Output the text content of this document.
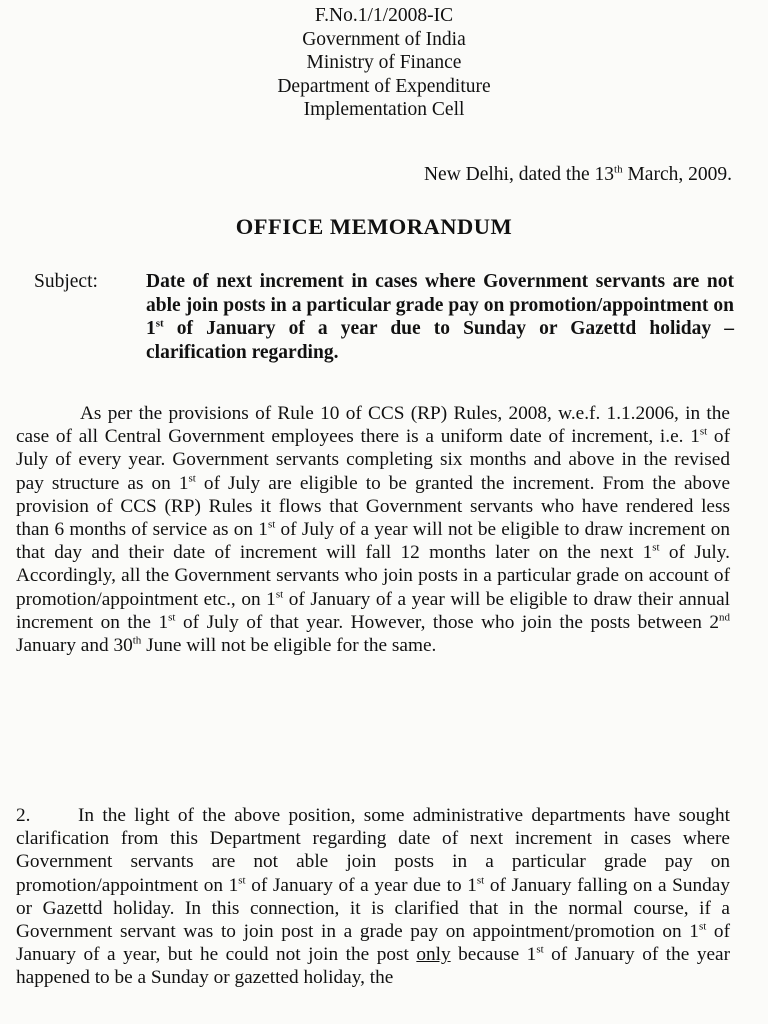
F.No.1/1/2008-IC
Government of India
Ministry of Finance
Department of Expenditure
Implementation Cell
New Delhi, dated the 13th March, 2009.
OFFICE MEMORANDUM
Subject:	Date of next increment in cases where Government servants are not able join posts in a particular grade pay on promotion/appointment on 1st of January of a year due to Sunday or Gazettd holiday – clarification regarding.
As per the provisions of Rule 10 of CCS (RP) Rules, 2008, w.e.f. 1.1.2006, in the case of all Central Government employees there is a uniform date of increment, i.e. 1st of July of every year. Government servants completing six months and above in the revised pay structure as on 1st of July are eligible to be granted the increment. From the above provision of CCS (RP) Rules it flows that Government servants who have rendered less than 6 months of service as on 1st of July of a year will not be eligible to draw increment on that day and their date of increment will fall 12 months later on the next 1st of July. Accordingly, all the Government servants who join posts in a particular grade on account of promotion/appointment etc., on 1st of January of a year will be eligible to draw their annual increment on the 1st of July of that year. However, those who join the posts between 2nd January and 30th June will not be eligible for the same.
2. In the light of the above position, some administrative departments have sought clarification from this Department regarding date of next increment in cases where Government servants are not able join posts in a particular grade pay on promotion/appointment on 1st of January of a year due to 1st of January falling on a Sunday or Gazettd holiday. In this connection, it is clarified that in the normal course, if a Government servant was to join post in a grade pay on appointment/promotion on 1st of January of a year, but he could not join the post only because 1st of January of the year happened to be a Sunday or gazetted holiday, the
